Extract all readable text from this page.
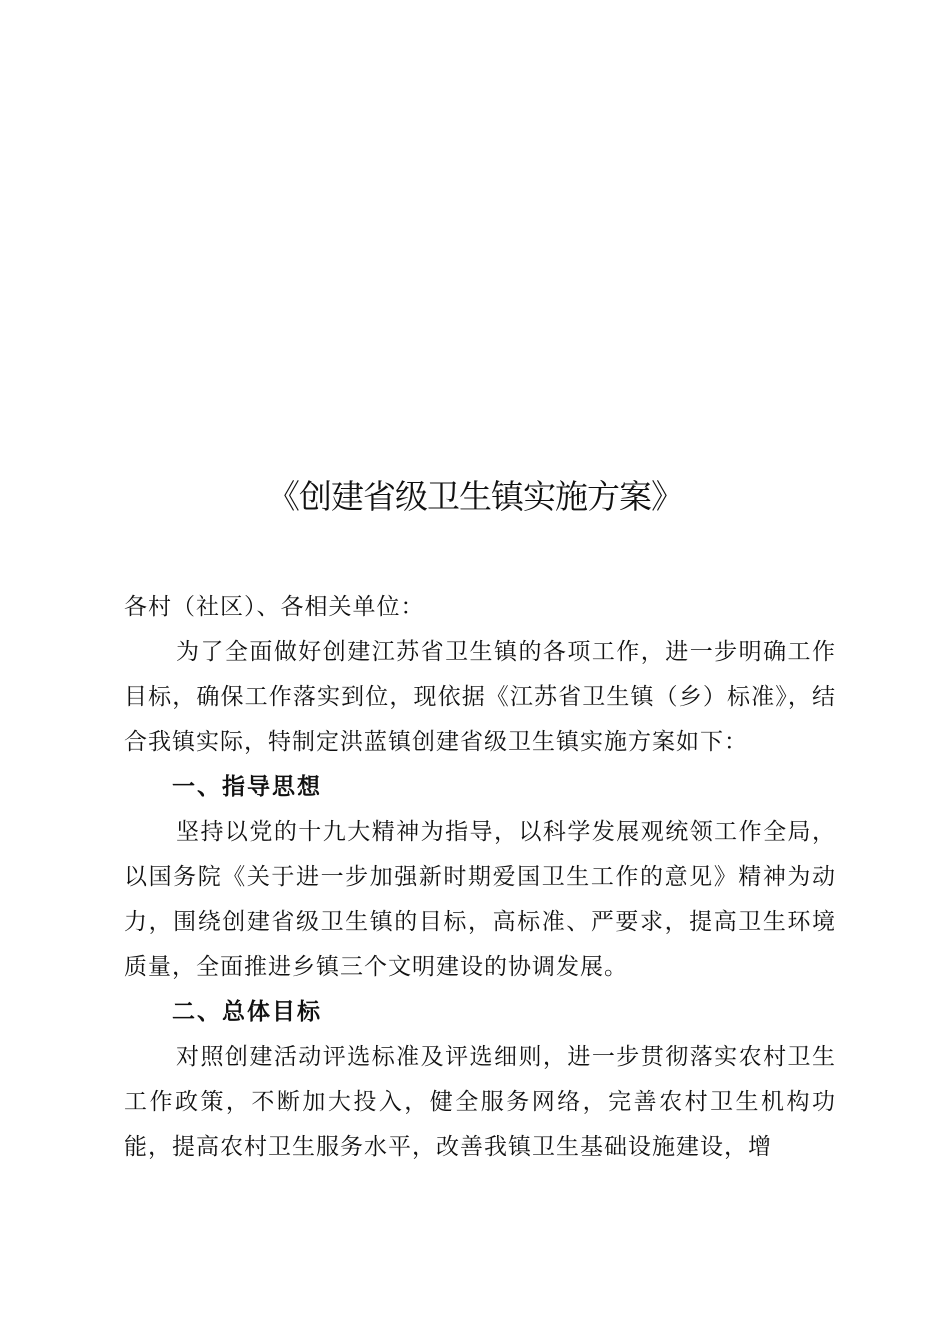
《创建省级卫生镇实施方案》

各村（社区）、各相关单位：

为了全面做好创建江苏省卫生镇的各项工作，进一步明确工作目标，确保工作落实到位，现依据《江苏省卫生镇（乡）标准》，结合我镇实际，特制定洪蓝镇创建省级卫生镇实施方案如下：

一、指导思想

坚持以党的十九大精神为指导，以科学发展观统领工作全局，以国务院《关于进一步加强新时期爱国卫生工作的意见》精神为动力，围绕创建省级卫生镇的目标，高标准、严要求，提高卫生环境质量，全面推进乡镇三个文明建设的协调发展。

二、总体目标

对照创建活动评选标准及评选细则，进一步贯彻落实农村卫生工作政策，不断加大投入，健全服务网络，完善农村卫生机构功能，提高农村卫生服务水平，改善我镇卫生基础设施建设，增
